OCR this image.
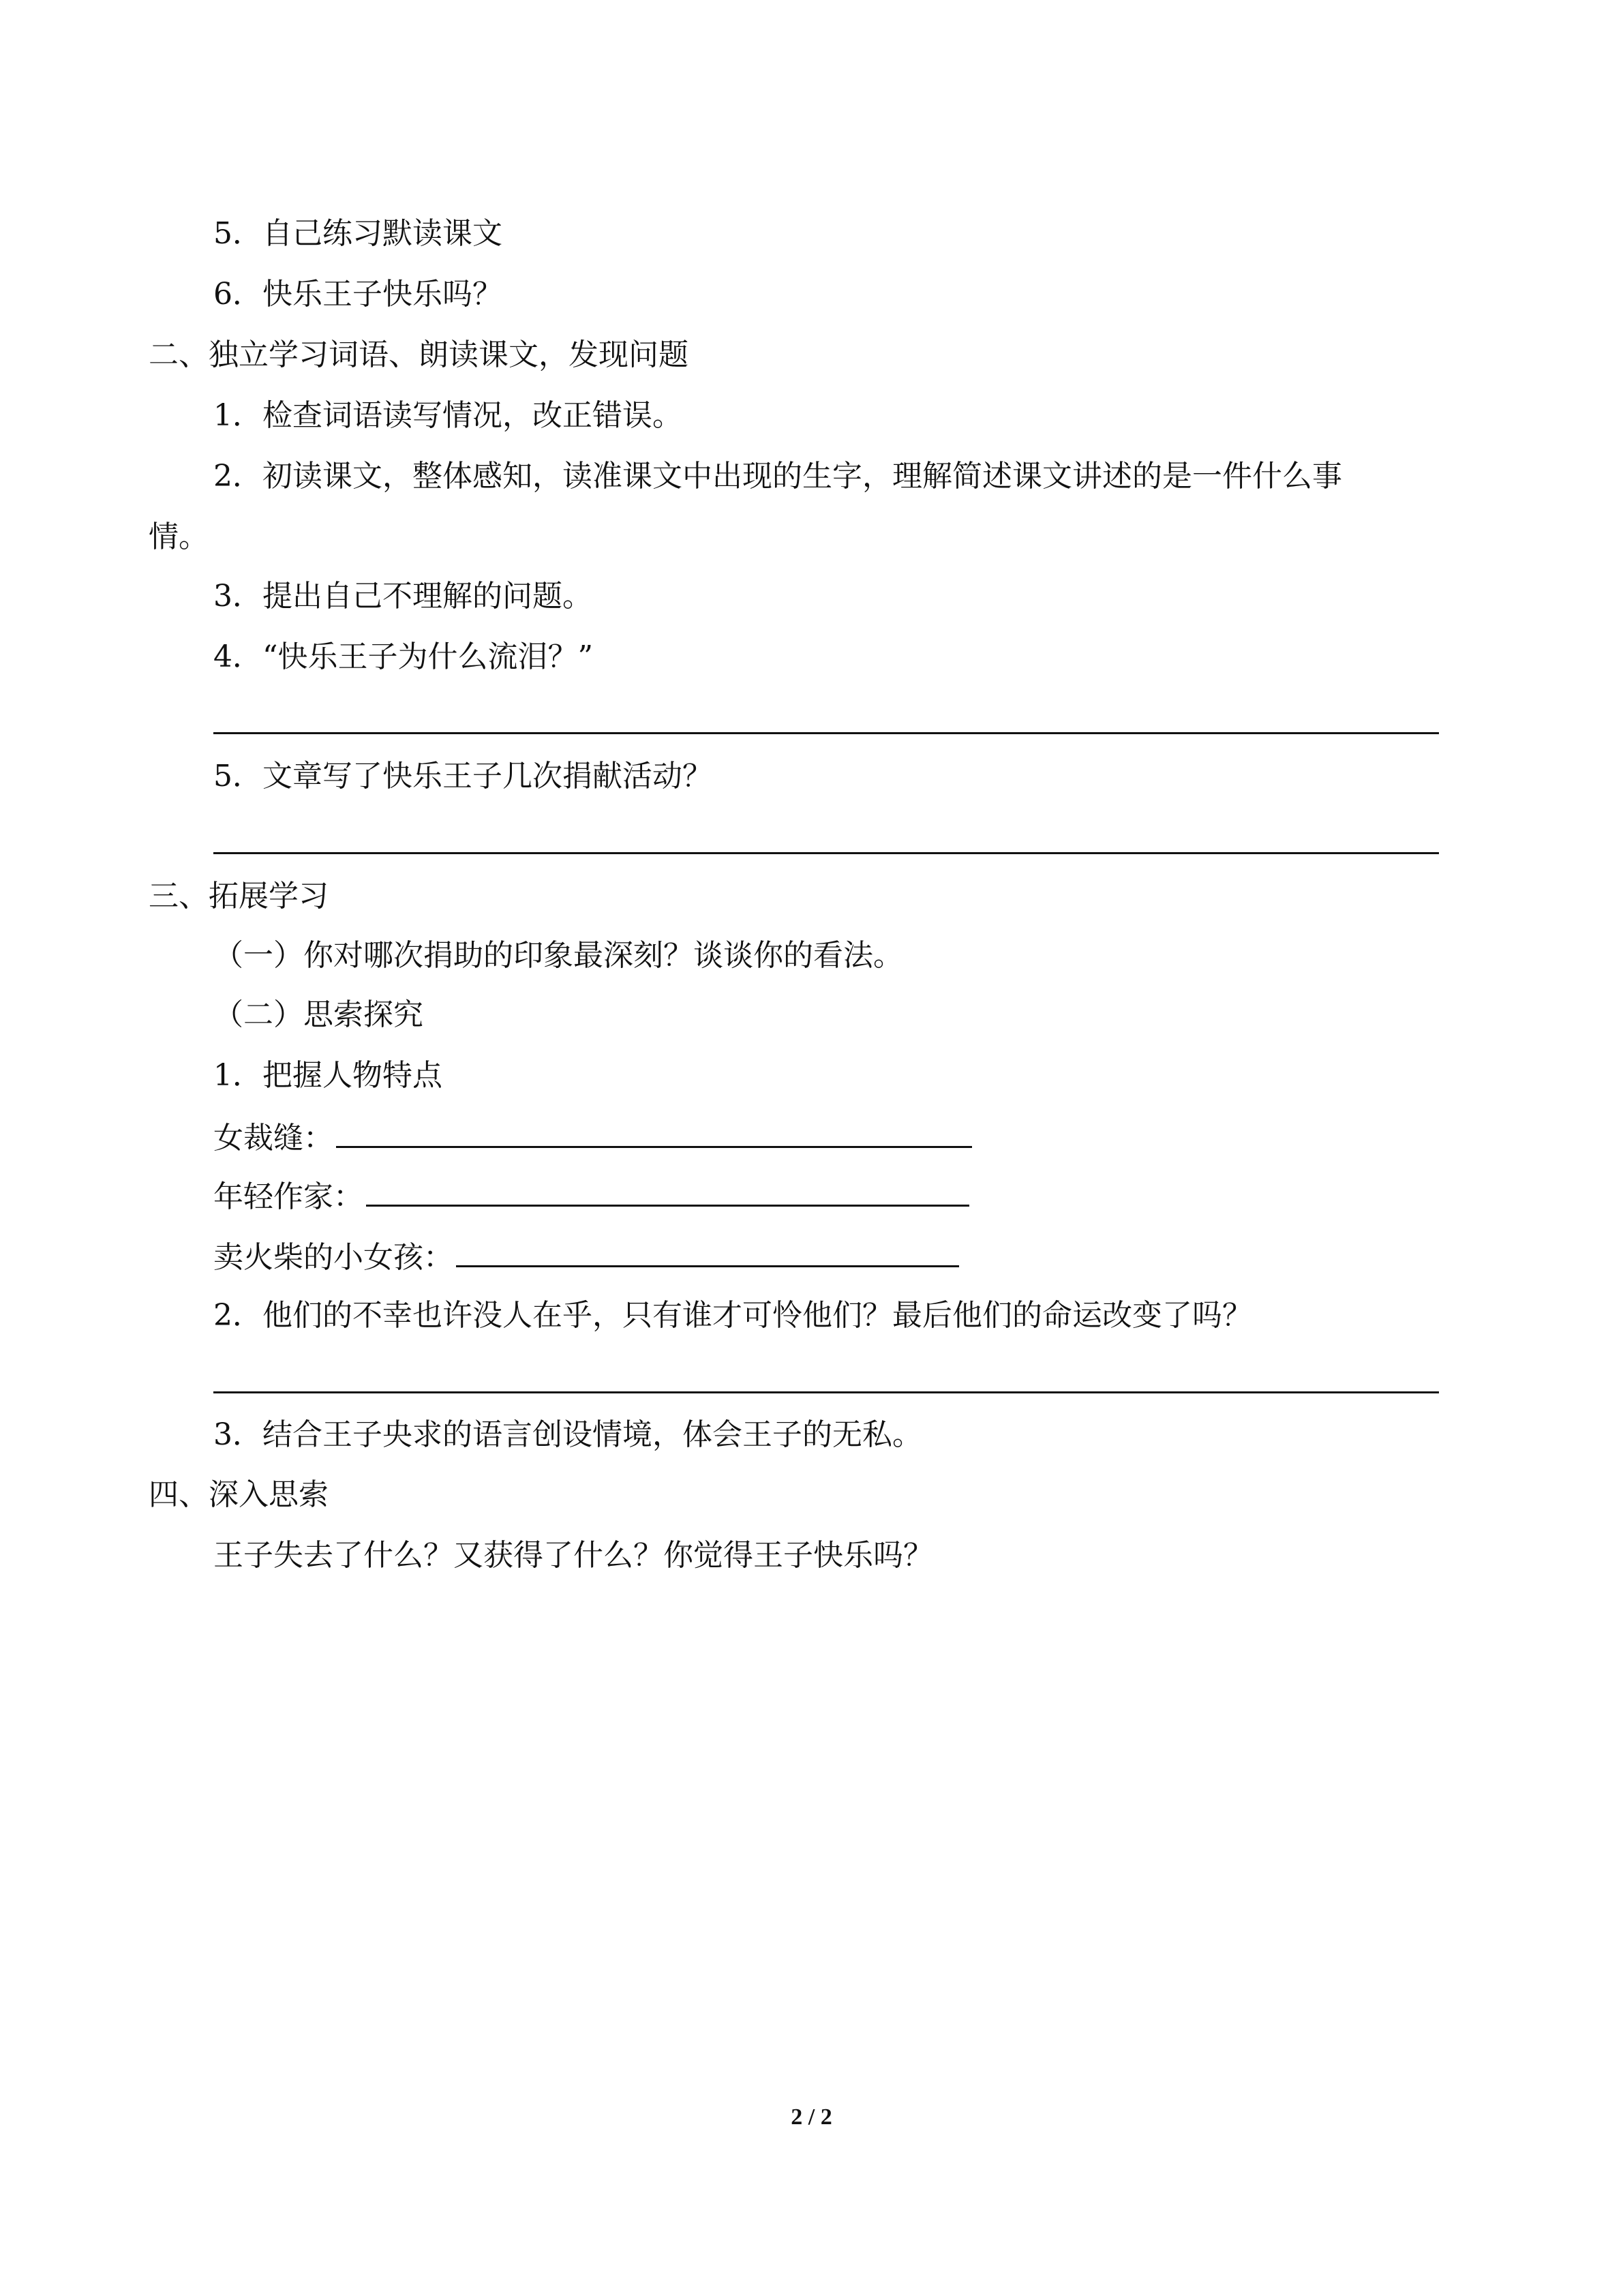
5．自己练习默读课文
6．快乐王子快乐吗？
二、独立学习词语、朗读课文，发现问题
1．检查词语读写情况，改正错误。
2．初读课文，整体感知，读准课文中出现的生字，理解简述课文讲述的是一件什么事
情。
3．提出自己不理解的问题。
4．“快乐王子为什么流泪？”
5．文章写了快乐王子几次捐献活动？
三、拓展学习
（一）你对哪次捐助的印象最深刻？谈谈你的看法。
（二）思索探究
1．把握人物特点
女裁缝：
年轻作家：
卖火柴的小女孩：
2．他们的不幸也许没人在乎，只有谁才可怜他们？最后他们的命运改变了吗？
3．结合王子央求的语言创设情境，体会王子的无私。
四、深入思索
王子失去了什么？又获得了什么？你觉得王子快乐吗？
2 / 2
